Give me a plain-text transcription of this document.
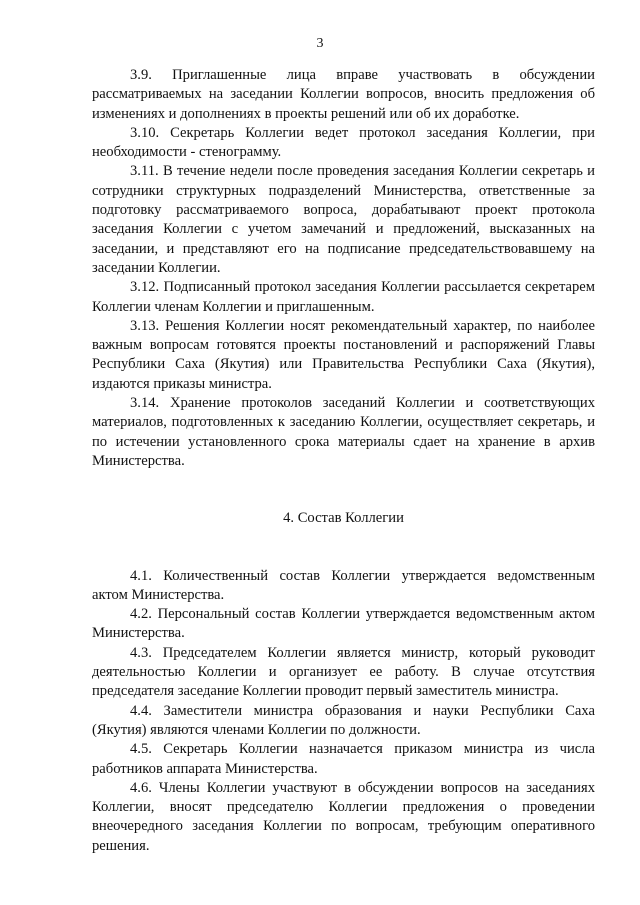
3

3.9. Приглашенные лица вправе участвовать в обсуждении рассматриваемых на заседании Коллегии вопросов, вносить предложения об изменениях и дополнениях в проекты решений или об их доработке.

3.10. Секретарь Коллегии ведет протокол заседания Коллегии, при необходимости - стенограмму.

3.11. В течение недели после проведения заседания Коллегии секретарь и сотрудники структурных подразделений Министерства, ответственные за подготовку рассматриваемого вопроса, дорабатывают проект протокола заседания Коллегии с учетом замечаний и предложений, высказанных на заседании, и представляют его на подписание председательствовавшему на заседании Коллегии.

3.12. Подписанный протокол заседания Коллегии рассылается секретарем Коллегии членам Коллегии и приглашенным.

3.13. Решения Коллегии носят рекомендательный характер, по наиболее важным вопросам готовятся проекты постановлений и распоряжений Главы Республики Саха (Якутия) или Правительства Республики Саха (Якутия), издаются приказы министра.

3.14. Хранение протоколов заседаний Коллегии и соответствующих материалов, подготовленных к заседанию Коллегии, осуществляет секретарь, и по истечении установленного срока материалы сдает на хранение в архив Министерства.

4. Состав Коллегии

4.1. Количественный состав Коллегии утверждается ведомственным актом Министерства.

4.2. Персональный состав Коллегии утверждается ведомственным актом Министерства.

4.3. Председателем Коллегии является министр, который руководит деятельностью Коллегии и организует ее работу. В случае отсутствия председателя заседание Коллегии проводит первый заместитель министра.

4.4. Заместители министра образования и науки Республики Саха (Якутия) являются членами Коллегии по должности.

4.5. Секретарь Коллегии назначается приказом министра из числа работников аппарата Министерства.

4.6. Члены Коллегии участвуют в обсуждении вопросов на заседаниях Коллегии, вносят председателю Коллегии предложения о проведении внеочередного заседания Коллегии по вопросам, требующим оперативного решения.
